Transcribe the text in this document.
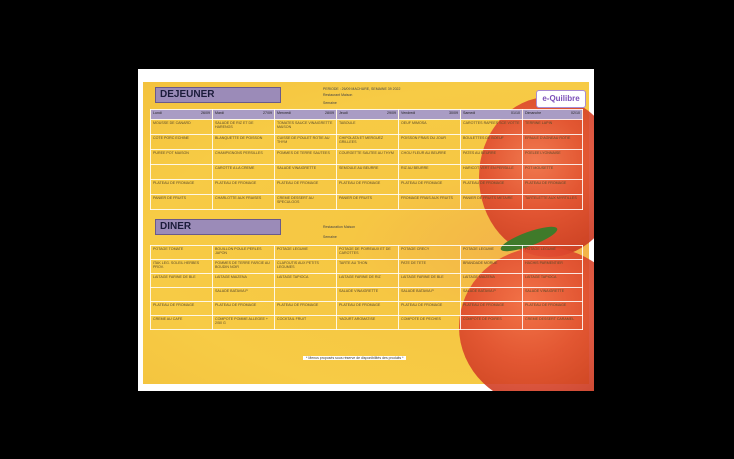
DEJEUNER	PERIODE : 26/09 MACHURE, SEMAINE 39 2022
Restaurant Maison
Semaine	e-Quilibre
Lundi 26/09	Mardi 27/09	Mercredi 28/09	Jeudi 29/09	Vendredi 30/09	Samedi 01/10	Dimanche 02/10

MOUSSE DE CANARD	SALADE DE RIZ ET DE HARENGS	TOMATES SAUCE VINAIGRETTE MAISON	TABOULE	OEUF MIMOSA	CAROTTES RAPEES SCE VOTTE	TERRINE LAPIN
COTE PORC ECHINE	BLANQUETTE DE POISSON	CUISSE DE POULET ROTIE AU THYM	CHIPOLATA ET MERGUEZ GRILLEES	POISSON FRAIS DU JOUR	BOULETTES DE BOEUF	EPAULE D'AGNEAU ROTIE
PUREE POT MAISON	CHAMPIGNONS PERSILLES	POMMES DE TERRE SAUTEES	COURGETTE SAUTEE AU THYM	CHOU FLEUR AU BEURRE	PATES AU BEURRE	POELEE LYONNAISE
	CAROTTE A LA CREME	SALADE VINAIGRETTE	SEMOULE AU BEURRE	RIZ AU BEURRE	HARICOT VERT EN PERSILLE	POT MOUSETTE
PLATEAU DE FROMAGE	PLATEAU DE FROMAGE	PLATEAU DE FROMAGE	PLATEAU DE FROMAGE	PLATEAU DE FROMAGE	PLATEAU DE FROMAGE	PLATEAU DE FROMAGE
PANIER DE FRUITS	CHARLOTTE AUX FRAISES	CREME DESSERT AU SPECULOOS	PANIER DE FRUITS	FROMAGE FRAIS AUX FRUITS	PANIER DE FRUITS METAIRE	TARTELETTE AUX MYRTILLES
DINER	Restauration Maison
Semaine
POTAGE TOMATE	BOUILLON POULE PERLES JAPON	POTAGE LEGUME	POTAGE DE POIREAUX ET DE CAROTTES	POTAGE CRECY	POTAGE LEGUME	POTAGE LEGUME
ITAK LEG. SOLEIL HERBES PROV.	POMMES DE TERRE FARCIE AU BOUDIN NOIR	CLAFOUTIS AUX PETITS LEGUMES	TARTE AU THON	PATE DE TETE	BRANDADE MORUE	HACHIS PARMENTIER
LAITAGE FARINE DE BLE	LAITAGE MAIZENA	LAITAGE TAPIOCA	LAITAGE FARINE DE RIZ	LAITAGE FARINE DE BLE	LAITAGE MAIZENA	LAITAGE TAPIOCA
	SALADE BATAVIA P		SALADE VINAIGRETTE	SALADE BATAVIA P	SALADE BATAVIA P	SALADE VINAIGRETTE
PLATEAU DE FROMAGE	PLATEAU DE FROMAGE	PLATEAU DE FROMAGE	PLATEAU DE FROMAGE	PLATEAU DE FROMAGE	PLATEAU DE FROMAGE	PLATEAU DE FROMAGE
CREME AU CAFE	COMPOTE POMME ALLEGEE + 2/50 G	COCKTAIL FRUIT	YAOURT AROMATISE	COMPOTE DE PECHES	COMPOTE DE POIRES	CREME DESSERT CARAMEL
* Menus proposés sous réserve de disponibilités des produits *
